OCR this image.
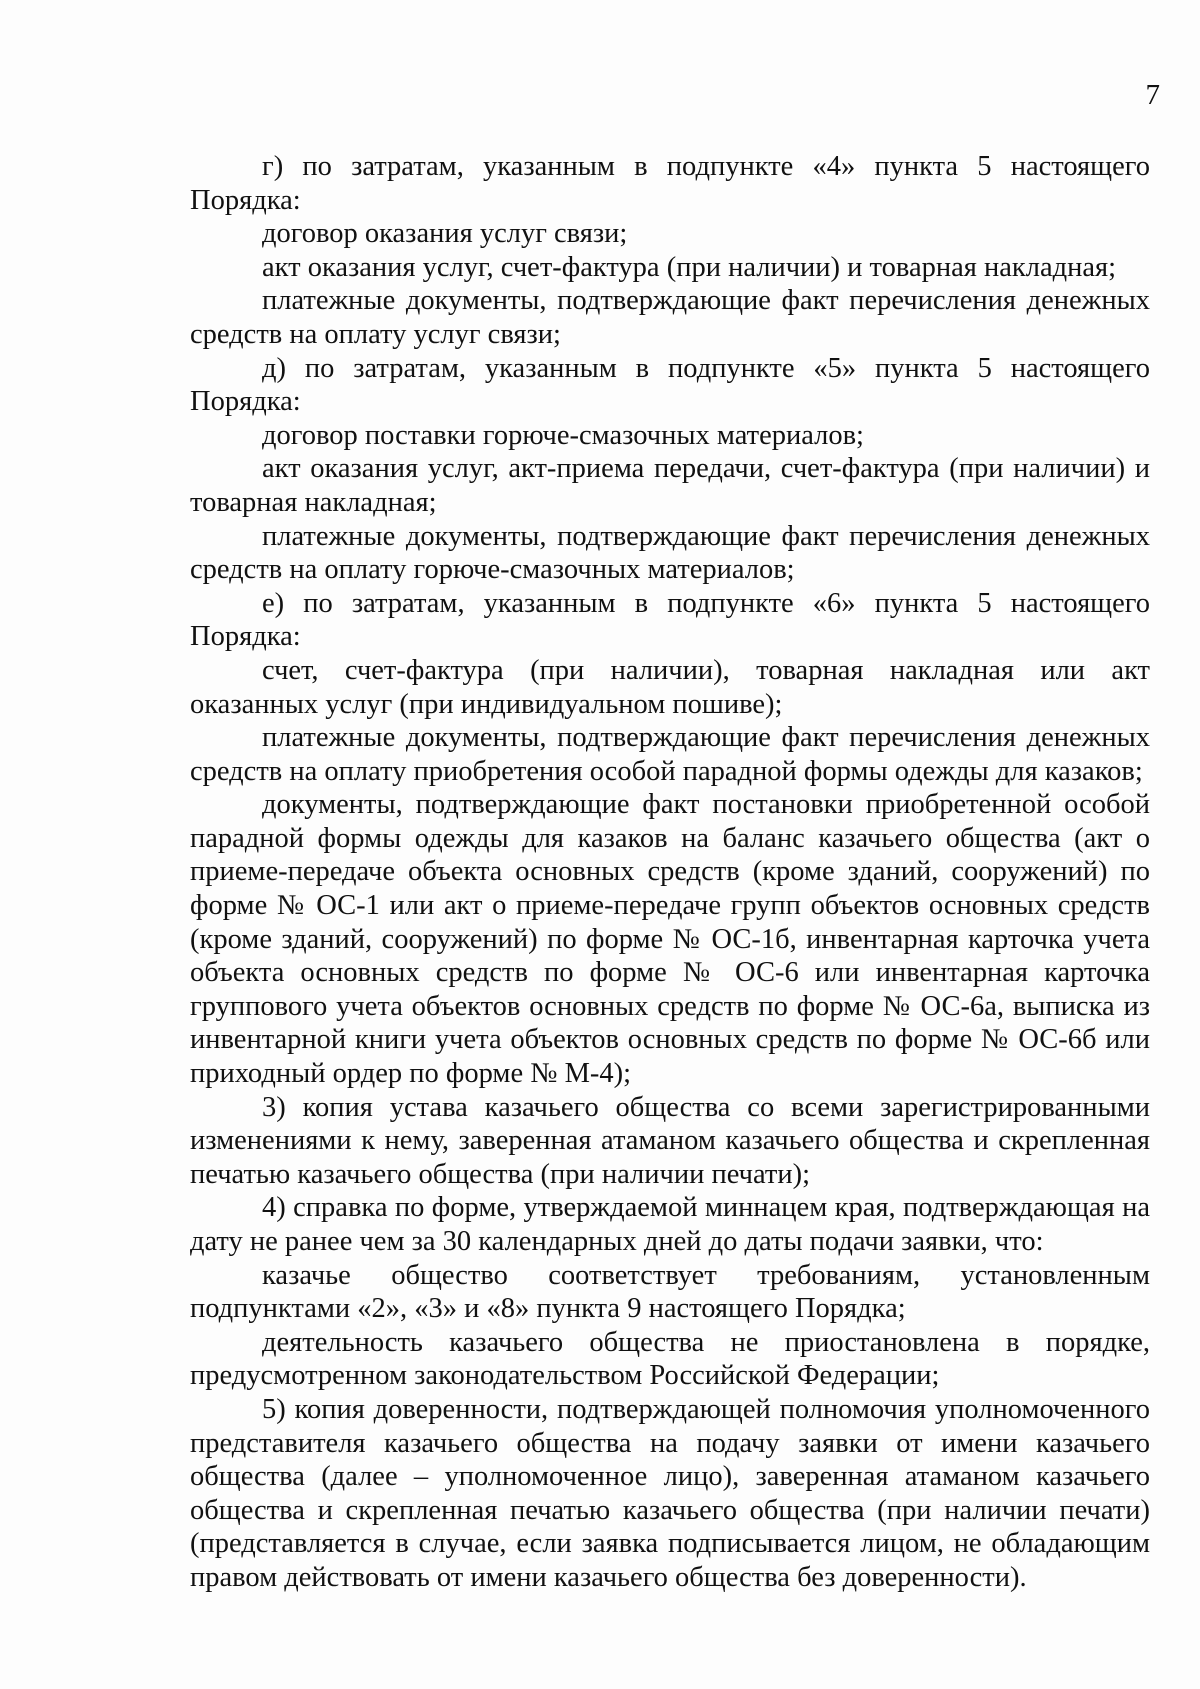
7

г) по затратам, указанным в подпункте «4» пункта 5 настоящего Порядка:

договор оказания услуг связи;

акт оказания услуг, счет-фактура (при наличии) и товарная накладная;

платежные документы, подтверждающие факт перечисления денежных средств на оплату услуг связи;

д) по затратам, указанным в подпункте «5» пункта 5 настоящего Порядка:

договор поставки горюче-смазочных материалов;

акт оказания услуг, акт-приема передачи, счет-фактура (при наличии) и товарная накладная;

платежные документы, подтверждающие факт перечисления денежных средств на оплату горюче-смазочных материалов;

е) по затратам, указанным в подпункте «6» пункта 5 настоящего Порядка:

счет, счет-фактура (при наличии), товарная накладная или акт оказанных услуг (при индивидуальном пошиве);

платежные документы, подтверждающие факт перечисления денежных средств на оплату приобретения особой парадной формы одежды для казаков;

документы, подтверждающие факт постановки приобретенной особой парадной формы одежды для казаков на баланс казачьего общества (акт о приеме-передаче объекта основных средств (кроме зданий, сооружений) по форме № ОС-1 или акт о приеме-передаче групп объектов основных средств (кроме зданий, сооружений) по форме № ОС-1б, инвентарная карточка учета объекта основных средств по форме № ОС-6 или инвентарная карточка группового учета объектов основных средств по форме № ОС-6а, выписка из инвентарной книги учета объектов основных средств по форме № ОС-6б или приходный ордер по форме № М-4);

3) копия устава казачьего общества со всеми зарегистрированными изменениями к нему, заверенная атаманом казачьего общества и скрепленная печатью казачьего общества (при наличии печати);

4) справка по форме, утверждаемой миннацем края, подтверждающая на дату не ранее чем за 30 календарных дней до даты подачи заявки, что:

казачье общество соответствует требованиям, установленным подпунктами «2», «3» и «8» пункта 9 настоящего Порядка;

деятельность казачьего общества не приостановлена в порядке, предусмотренном законодательством Российской Федерации;

5) копия доверенности, подтверждающей полномочия уполномоченного представителя казачьего общества на подачу заявки от имени казачьего общества (далее – уполномоченное лицо), заверенная атаманом казачьего общества и скрепленная печатью казачьего общества (при наличии печати) (представляется в случае, если заявка подписывается лицом, не обладающим правом действовать от имени казачьего общества без доверенности).
